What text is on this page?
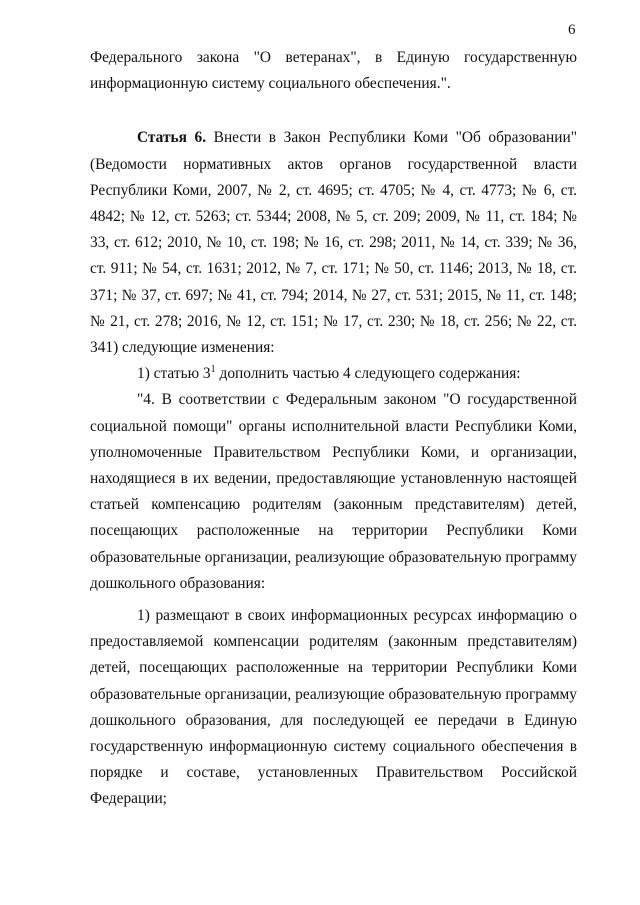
6

Федерального закона "О ветеранах", в Единую государственную информационную систему социального обеспечения.".

Статья 6. Внести в Закон Республики Коми "Об образовании" (Ведомости нормативных актов органов государственной власти Республики Коми, 2007, № 2, ст. 4695; ст. 4705; № 4, ст. 4773; № 6, ст. 4842; № 12, ст. 5263; ст. 5344; 2008, № 5, ст. 209; 2009, № 11, ст. 184; № 33, ст. 612; 2010, № 10, ст. 198; № 16, ст. 298; 2011, № 14, ст. 339; № 36, ст. 911; № 54, ст. 1631; 2012, № 7, ст. 171; № 50, ст. 1146; 2013, № 18, ст. 371; № 37, ст. 697; № 41, ст. 794; 2014, № 27, ст. 531; 2015, № 11, ст. 148; № 21, ст. 278; 2016, № 12, ст. 151; № 17, ст. 230; № 18, ст. 256; № 22, ст. 341) следующие изменения:

1) статью $3^1$ дополнить частью 4 следующего содержания:

"4. В соответствии с Федеральным законом "О государственной социальной помощи" органы исполнительной власти Республики Коми, уполномоченные Правительством Республики Коми, и организации, находящиеся в их ведении, предоставляющие установленную настоящей статьей компенсацию родителям (законным представителям) детей, посещающих расположенные на территории Республики Коми образовательные организации, реализующие образовательную программу дошкольного образования:

1) размещают в своих информационных ресурсах информацию о предоставляемой компенсации родителям (законным представителям) детей, посещающих расположенные на территории Республики Коми образовательные организации, реализующие образовательную программу дошкольного образования, для последующей ее передачи в Единую государственную информационную систему социального обеспечения в порядке и составе, установленных Правительством Российской Федерации;
